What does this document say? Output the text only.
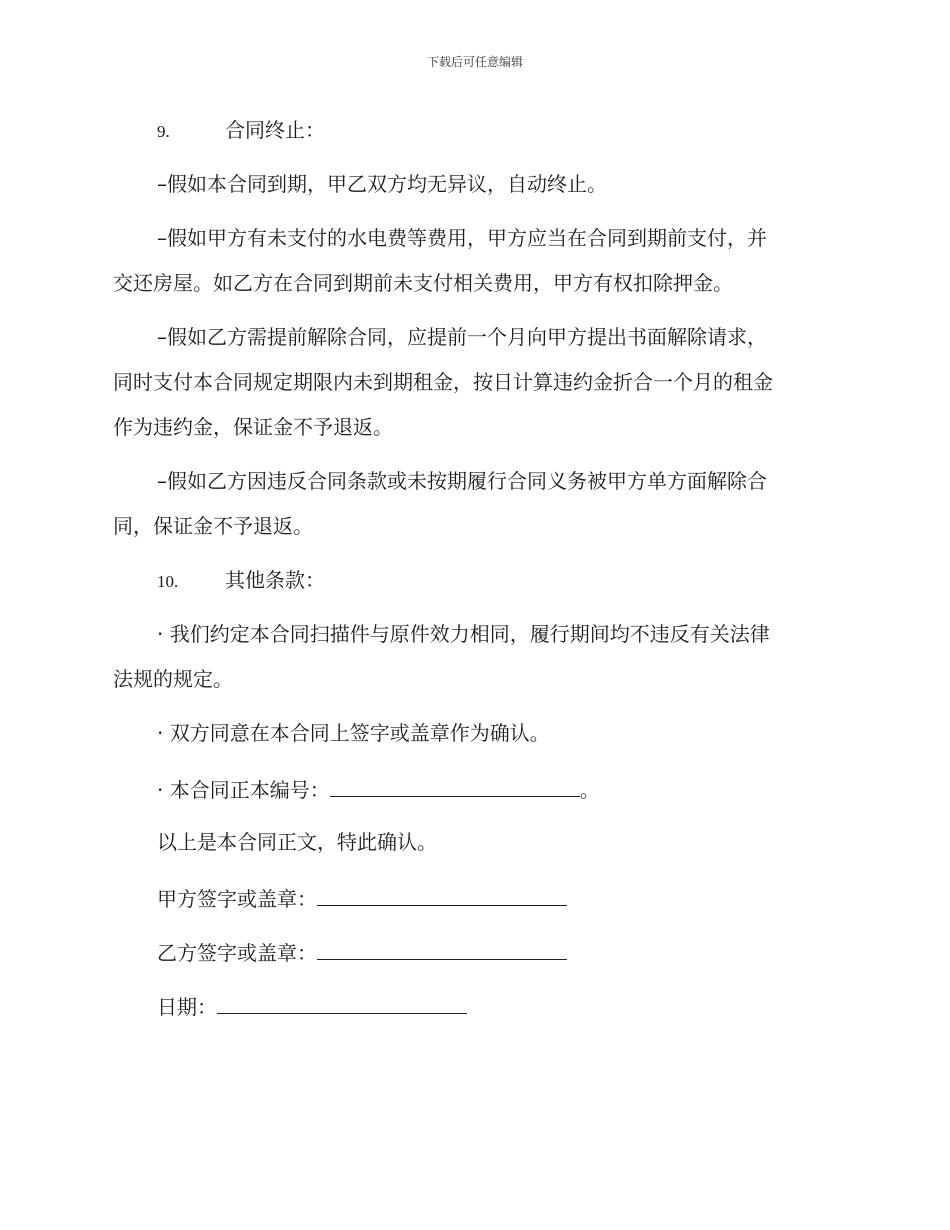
下载后可任意编辑
9.	合同终止：
–假如本合同到期，甲乙双方均无异议，自动终止。
–假如甲方有未支付的水电费等费用，甲方应当在合同到期前支付，并
交还房屋。如乙方在合同到期前未支付相关费用，甲方有权扣除押金。
–假如乙方需提前解除合同，应提前一个月向甲方提出书面解除请求，
同时支付本合同规定期限内未到期租金，按日计算违约金折合一个月的租金
作为违约金，保证金不予退返。
–假如乙方因违反合同条款或未按期履行合同义务被甲方单方面解除合
同，保证金不予退返。
10. 其他条款：
· 我们约定本合同扫描件与原件效力相同，履行期间均不违反有关法律
法规的规定。
· 双方同意在本合同上签字或盖章作为确认。
· 本合同正本编号：	。
以上是本合同正文，特此确认。
甲方签字或盖章：
乙方签字或盖章：
日期：
